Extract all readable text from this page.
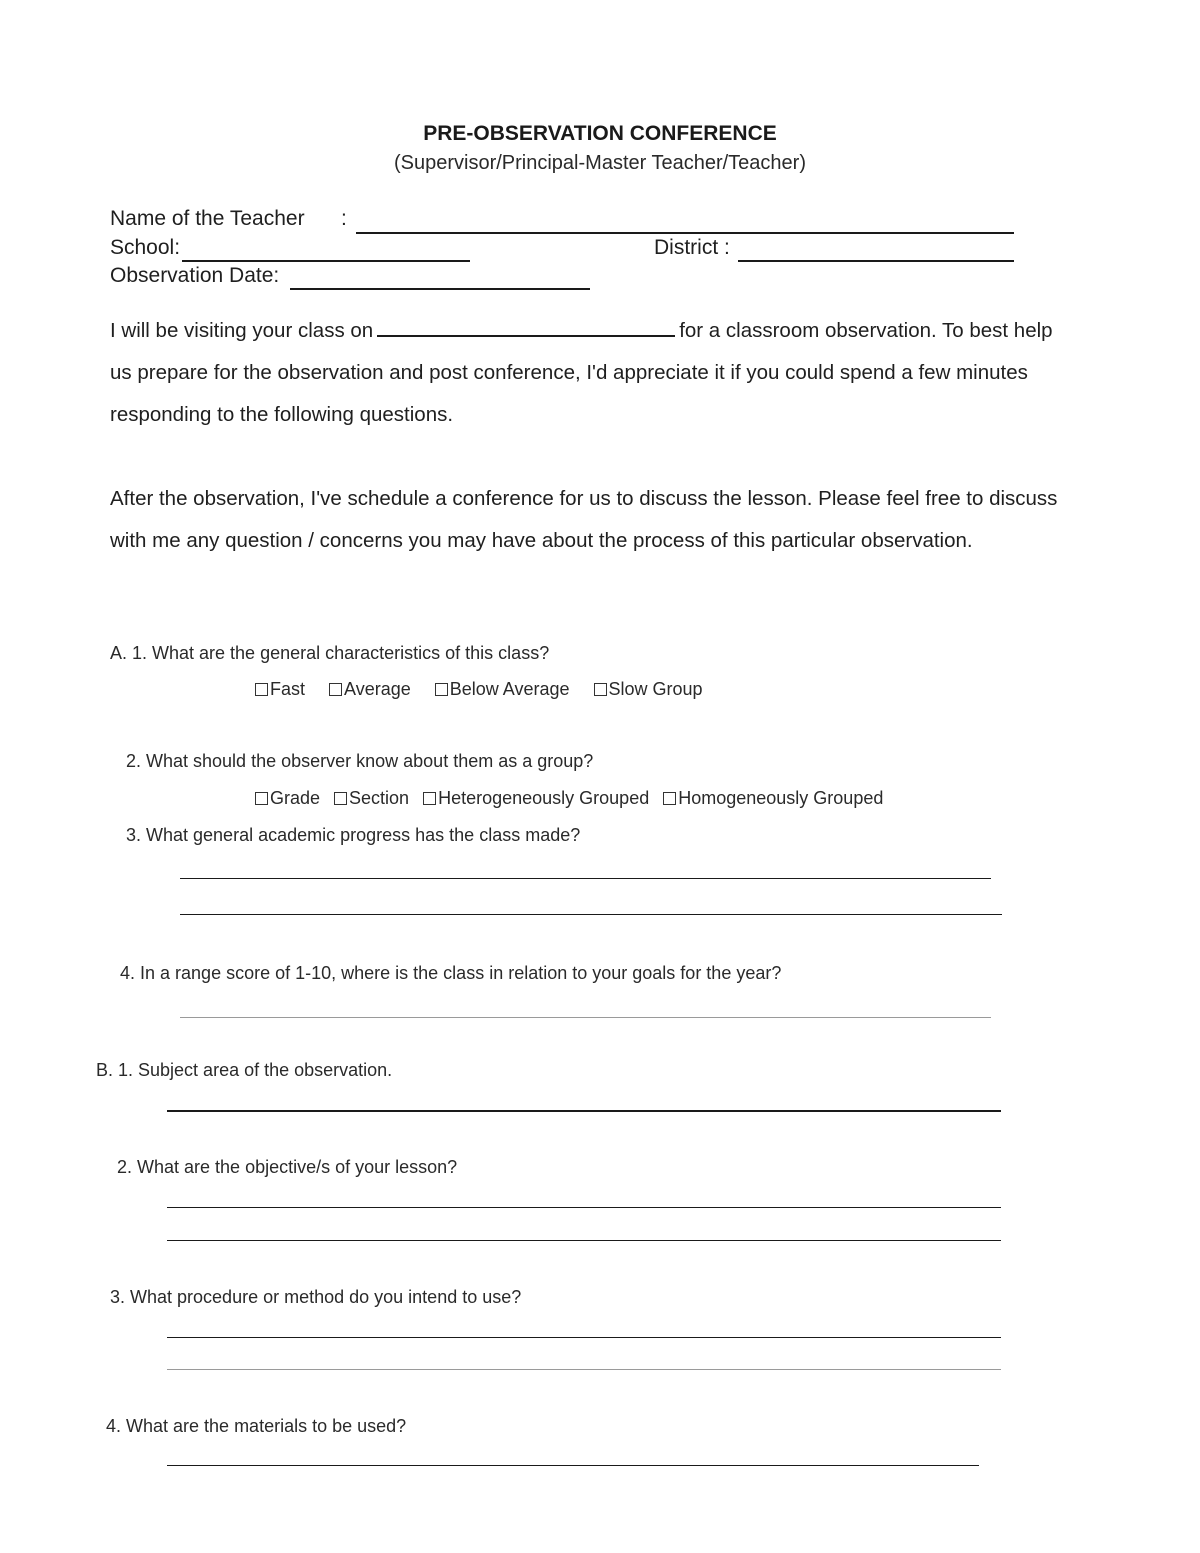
PRE-OBSERVATION CONFERENCE
(Supervisor/Principal-Master Teacher/Teacher)
Name of the Teacher :
School:	District :
Observation Date:
I will be visiting your class on	for a classroom observation. To best help us prepare for the observation and post conference, I'd appreciate it if you could spend a few minutes responding to the following questions.
After the observation, I've schedule a conference for us to discuss the lesson. Please feel free to discuss with me any question / concerns you may have about the process of this particular observation.
A. 1. What are the general characteristics of this class?
Fast Average Below Average Slow Group
2. What should the observer know about them as a group?
Grade Section Heterogeneously Grouped Homogeneously Grouped
3. What general academic progress has the class made?
4. In a range score of 1-10, where is the class in relation to your goals for the year?
B. 1. Subject area of the observation.
2. What are the objective/s of your lesson?
3. What procedure or method do you intend to use?
4. What are the materials to be used?
